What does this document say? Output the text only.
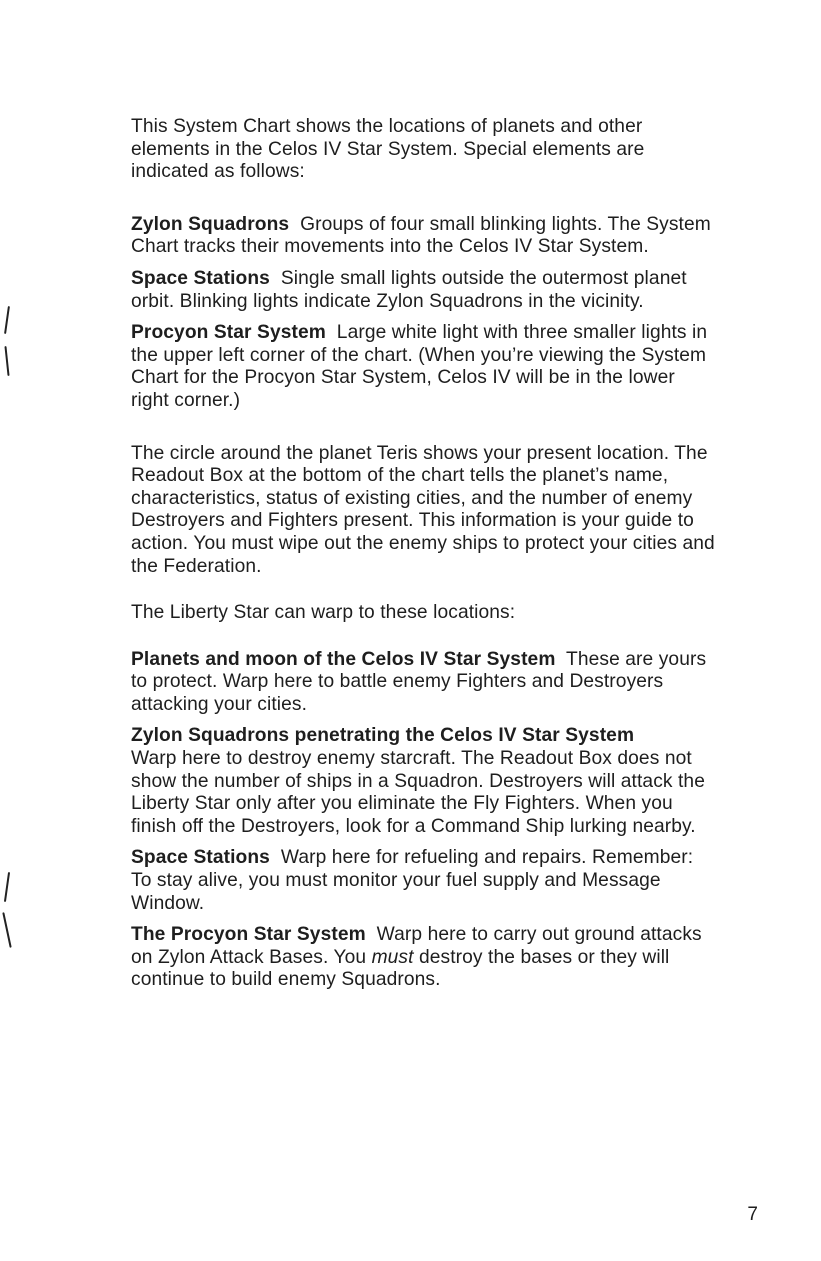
This System Chart shows the locations of planets and other elements in the Celos IV Star System. Special elements are indicated as follows:

Zylon Squadrons Groups of four small blinking lights. The System Chart tracks their movements into the Celos IV Star System.

Space Stations Single small lights outside the outermost planet orbit. Blinking lights indicate Zylon Squadrons in the vicinity.

Procyon Star System Large white light with three smaller lights in the upper left corner of the chart. (When you’re viewing the System Chart for the Procyon Star System, Celos IV will be in the lower right corner.)

The circle around the planet Teris shows your present location. The Readout Box at the bottom of the chart tells the planet’s name, characteristics, status of existing cities, and the number of enemy Destroyers and Fighters present. This information is your guide to action. You must wipe out the enemy ships to protect your cities and the Federation.

The Liberty Star can warp to these locations:

Planets and moon of the Celos IV Star System These are yours to protect. Warp here to battle enemy Fighters and Destroyers attacking your cities.

Zylon Squadrons penetrating the Celos IV Star System
Warp here to destroy enemy starcraft. The Readout Box does not show the number of ships in a Squadron. Destroyers will attack the Liberty Star only after you eliminate the Fly Fighters. When you finish off the Destroyers, look for a Command Ship lurking nearby.

Space Stations Warp here for refueling and repairs. Remember: To stay alive, you must monitor your fuel supply and Message Window.

The Procyon Star System Warp here to carry out ground attacks on Zylon Attack Bases. You must destroy the bases or they will continue to build enemy Squadrons.

7
